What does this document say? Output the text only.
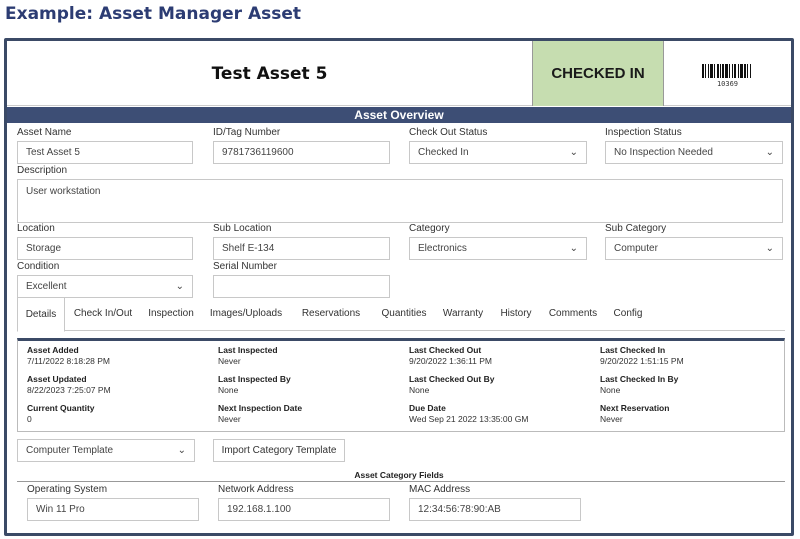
Example: Asset Manager Asset
Test Asset 5	CHECKED IN
10369
Asset Overview
Asset Name
Test Asset 5
ID/Tag Number
9781736119600
Check Out Status
Checked In	⌄
Inspection Status
No Inspection Needed	⌄
Description
User workstation
Location
Storage
Sub Location
Shelf E-134
Category
Electronics	⌄
Sub Category
Computer	⌄
Condition
Excellent	⌄
Serial Number
Details	Check In/Out	Inspection	Images/Uploads	Reservations	Quantities	Warranty	History	Comments	Config
Asset Added
7/11/2022 8:18:28 PM
Asset Updated
8/22/2023 7:25:07 PM
Current Quantity
0
Last Inspected
Never
Last Inspected By
None
Next Inspection Date
Never
Last Checked Out
9/20/2022 1:36:11 PM
Last Checked Out By
None
Due Date
Wed Sep 21 2022 13:35:00 GM
Last Checked In
9/20/2022 1:51:15 PM
Last Checked In By
None
Next Reservation
Never
Computer Template	⌄	Import Category Template
Asset Category Fields
Operating System
Win 11 Pro
Network Address
192.168.1.100
MAC Address
12:34:56:78:90:AB
